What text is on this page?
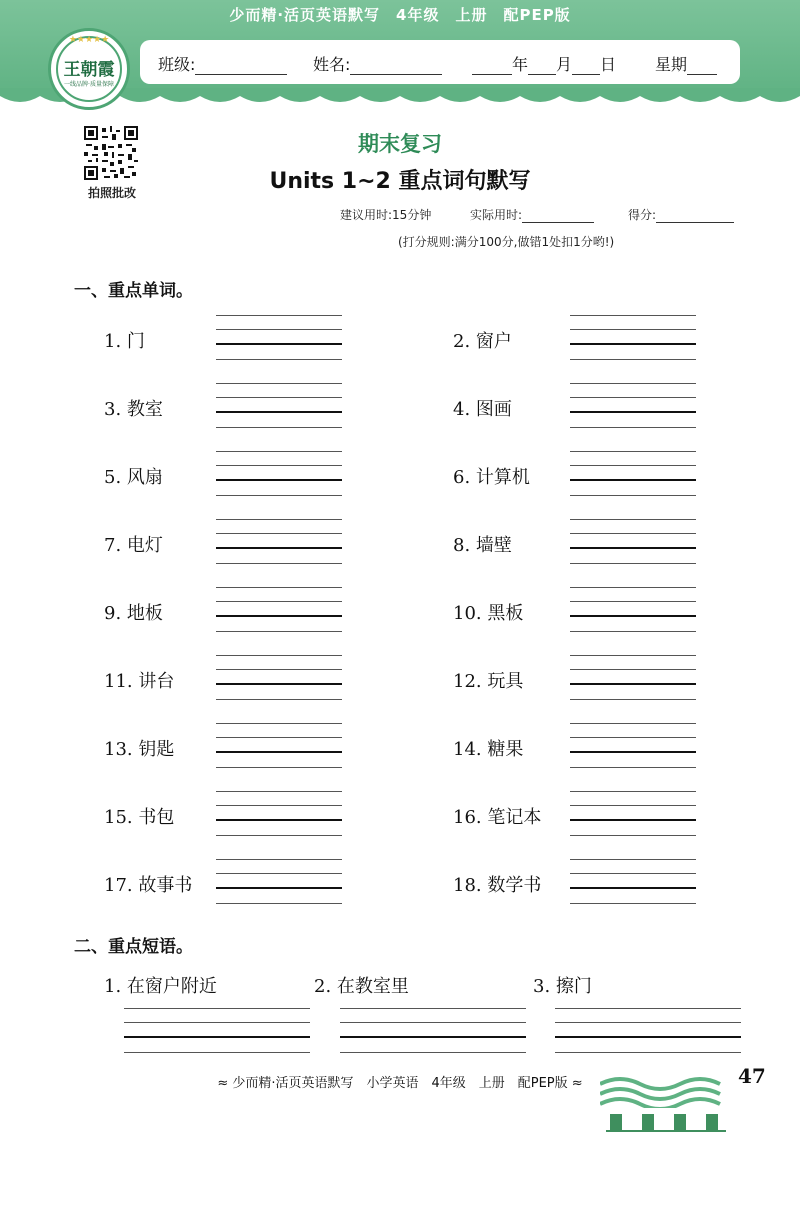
少而精·活页英语默写　4年级　上册　配PEP版
班级:	姓名:	年 月 日 星期
★★★★★
王朝霞
一线品牌·质量保障
拍照批改
期末复习
Units 1~2 重点词句默写
建议用时:15分钟	实际用时:	得分:
(打分规则:满分100分,做错1处扣1分哟!)
一、重点单词。
1. 门	2. 窗户
3. 教室	4. 图画
5. 风扇	6. 计算机
7. 电灯	8. 墙壁
9. 地板	10. 黑板
11. 讲台	12. 玩具
13. 钥匙	14. 糖果
15. 书包	16. 笔记本
17. 故事书	18. 数学书
二、重点短语。
1. 在窗户附近	2. 在教室里	3. 擦门
≈ 少而精·活页英语默写　小学英语　4年级　上册　配PEP版 ≈	47
